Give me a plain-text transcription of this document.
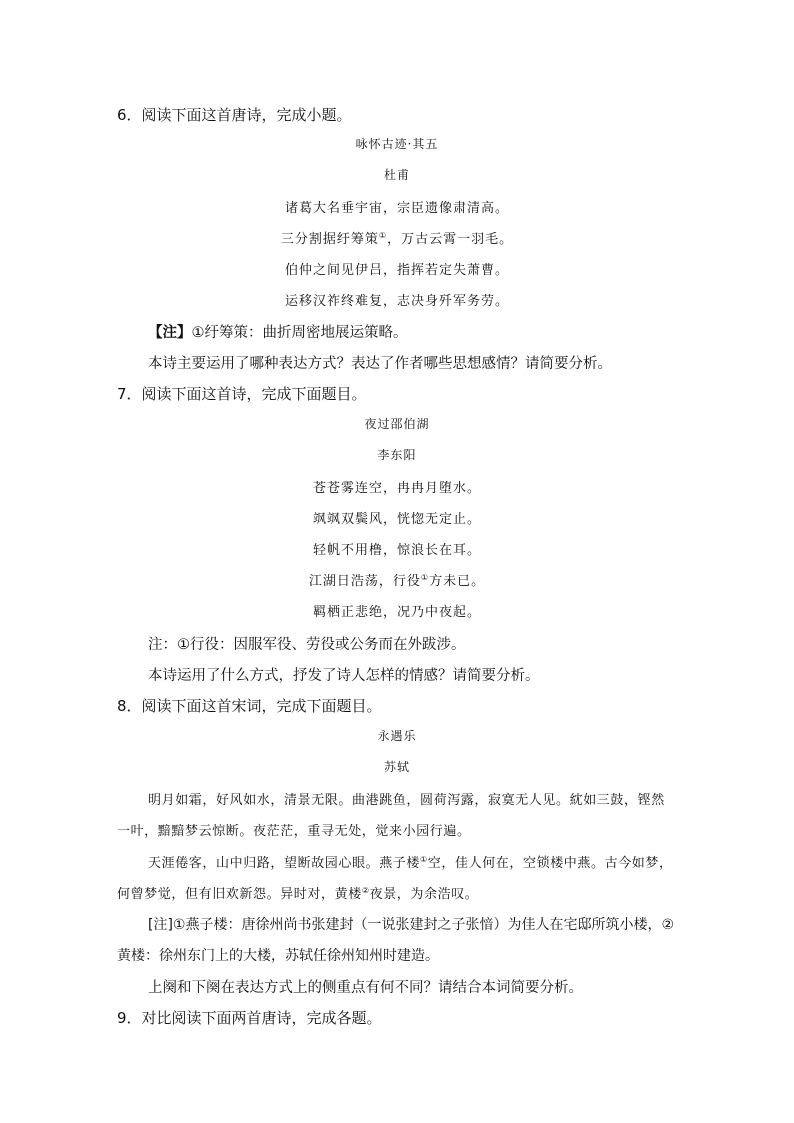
6．阅读下面这首唐诗，完成小题。
咏怀古迹·其五
杜甫
诸葛大名垂宇宙，宗臣遗像肃清高。
三分割据纡筹策①，万古云霄一羽毛。
伯仲之间见伊吕，指挥若定失萧曹。
运移汉祚终难复，志决身歼军务劳。
【注】①纡筹策：曲折周密地展运策略。
本诗主要运用了哪种表达方式？表达了作者哪些思想感情？请简要分析。
7．阅读下面这首诗，完成下面题目。
夜过邵伯湖
李东阳
苍苍雾连空，冉冉月堕水。
飒飒双鬓风，恍惚无定止。
轻帆不用橹，惊浪长在耳。
江湖日浩荡，行役①方未已。
羁栖正悲绝，况乃中夜起。
注：①行役：因服军役、劳役或公务而在外跋涉。
本诗运用了什么方式，抒发了诗人怎样的情感？请简要分析。
8．阅读下面这首宋词，完成下面题目。
永遇乐
苏轼
明月如霜，好风如水，清景无限。曲港跳鱼，圆荷泻露，寂寞无人见。紞如三鼓，铿然
一叶，黯黯梦云惊断。夜茫茫，重寻无处，觉来小园行遍。
天涯倦客，山中归路，望断故园心眼。燕子楼①空，佳人何在，空锁楼中燕。古今如梦，
何曾梦觉，但有旧欢新怨。异时对，黄楼②夜景，为余浩叹。
[注]①燕子楼：唐徐州尚书张建封（一说张建封之子张愔）为佳人在宅邸所筑小楼，②
黄楼：徐州东门上的大楼，苏轼任徐州知州时建造。
上阕和下阕在表达方式上的侧重点有何不同？请结合本词简要分析。
9．对比阅读下面两首唐诗，完成各题。
